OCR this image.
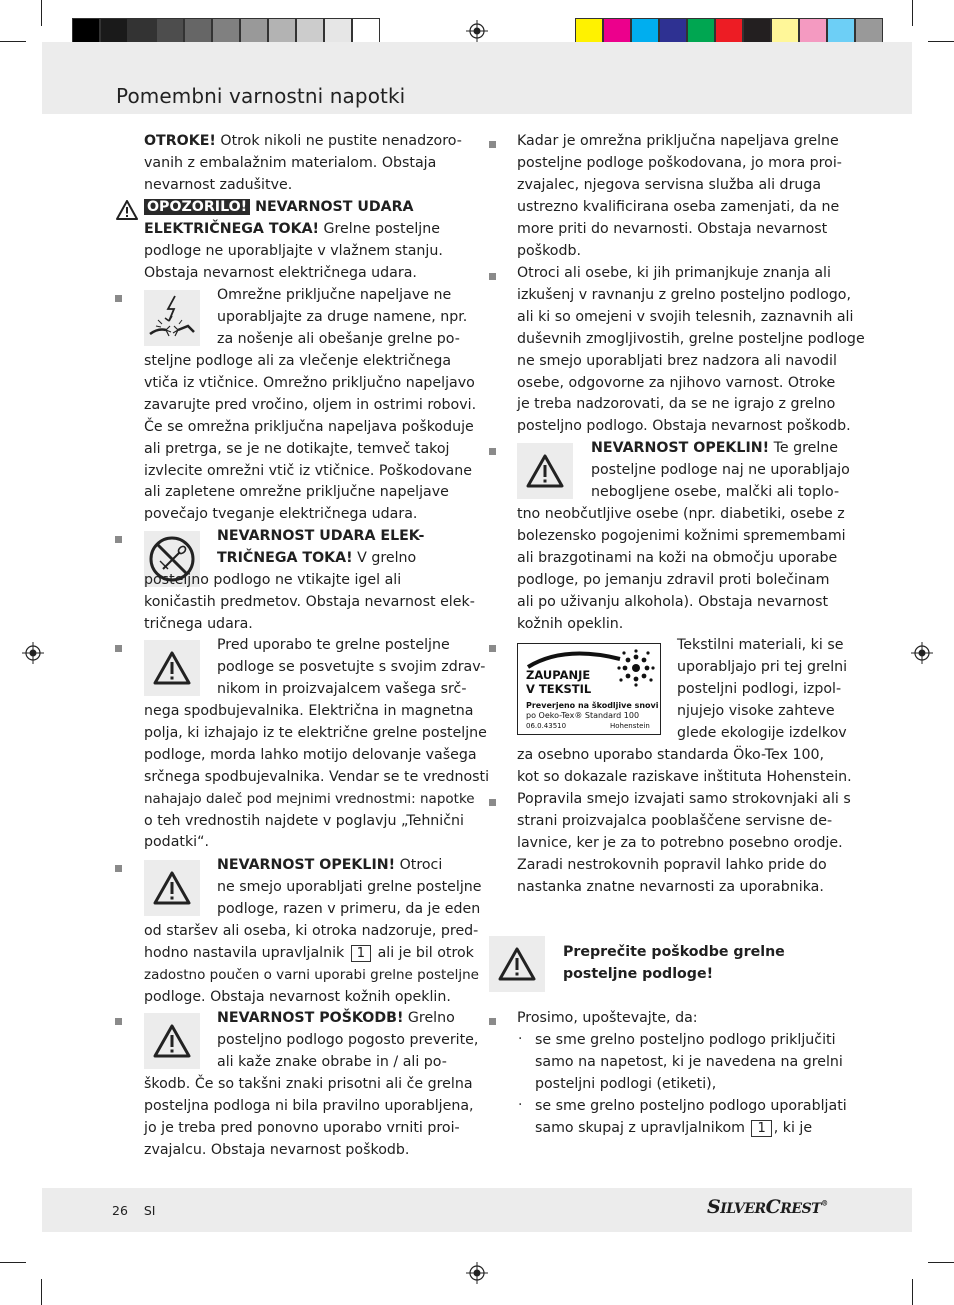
Pomembni varnostni napotki
OTROKE! Otrok nikoli ne pustite nenadzoro-
vanih z embalažnim materialom. Obstaja
nevarnost zadušitve.
OPOZORILO! NEVARNOST UDARA
ELEKTRIČNEGA TOKA! Grelne posteljne
podloge ne uporabljajte v vlažnem stanju.
Obstaja nevarnost električnega udara.
Omrežne priključne napeljave ne
uporabljajte za druge namene, npr.
za nošenje ali obešanje grelne po-
steljne podloge ali za vlečenje električnega
vtiča iz vtičnice. Omrežno priključno napeljavo
zavarujte pred vročino, oljem in ostrimi robovi.
Če se omrežna priključna napeljava poškoduje
ali pretrga, se je ne dotikajte, temveč takoj
izvlecite omrežni vtič iz vtičnice. Poškodovane
ali zapletene omrežne priključne napeljave
povečajo tveganje električnega udara.
NEVARNOST UDARA ELEK-
TRIČNEGA TOKA! V grelno
posteljno podlogo ne vtikajte igel ali
koničastih predmetov. Obstaja nevarnost elek-
tričnega udara.
Pred uporabo te grelne posteljne
podloge se posvetujte s svojim zdrav-
nikom in proizvajalcem vašega srč-
nega spodbujevalnika. Električna in magnetna
polja, ki izhajajo iz te električne grelne posteljne
podloge, morda lahko motijo delovanje vašega
srčnega spodbujevalnika. Vendar se te vrednosti
nahajajo daleč pod mejnimi vrednostmi: napotke
o teh vrednostih najdete v poglavju „Tehnični
podatki“.
NEVARNOST OPEKLIN! Otroci
ne smejo uporabljati grelne posteljne
podloge, razen v primeru, da je eden
od staršev ali oseba, ki otroka nadzoruje, pred-
hodno nastavila upravljalnik 1 ali je bil otrok
zadostno poučen o varni uporabi grelne posteljne
podloge. Obstaja nevarnost kožnih opeklin.
NEVARNOST POŠKODB! Grelno
posteljno podlogo pogosto preverite,
ali kaže znake obrabe in / ali po-
škodb. Če so takšni znaki prisotni ali če grelna
posteljna podloga ni bila pravilno uporabljena,
jo je treba pred ponovno uporabo vrniti proi-
zvajalcu. Obstaja nevarnost poškodb.
Kadar je omrežna priključna napeljava grelne
posteljne podloge poškodovana, jo mora proi-
zvajalec, njegova servisna služba ali druga
ustrezno kvalificirana oseba zamenjati, da ne
more priti do nevarnosti. Obstaja nevarnost
poškodb.
Otroci ali osebe, ki jih primanjkuje znanja ali
izkušenj v ravnanju z grelno posteljno podlogo,
ali ki so omejeni v svojih telesnih, zaznavnih ali
duševnih zmogljivostih, grelne posteljne podloge
ne smejo uporabljati brez nadzora ali navodil
osebe, odgovorne za njihovo varnost. Otroke
je treba nadzorovati, da se ne igrajo z grelno
posteljno podlogo. Obstaja nevarnost poškodb.
NEVARNOST OPEKLIN! Te grelne
posteljne podloge naj ne uporabljajo
nebogljene osebe, malčki ali toplo-
tno neobčutljive osebe (npr. diabetiki, osebe z
bolezensko pogojenimi kožnimi spremembami
ali brazgotinami na koži na območju uporabe
podloge, po jemanju zdravil proti bolečinam
ali po uživanju alkohola). Obstaja nevarnost
kožnih opeklin.
ZAUPANJE
V TEKSTIL
Preverjeno na škodljive snovi
po Oeko-Tex® Standard 100
06.0.43510	Hohenstein
Tekstilni materiali, ki se
uporabljajo pri tej grelni
posteljni podlogi, izpol-
njujejo visoke zahteve
glede ekologije izdelkov
za osebno uporabo standarda Öko-Tex 100,
kot so dokazale raziskave inštituta Hohenstein.
Popravila smejo izvajati samo strokovnjaki ali s
strani proizvajalca pooblaščene servisne de-
lavnice, ker je za to potrebno posebno orodje.
Zaradi nestrokovnih popravil lahko pride do
nastanka znatne nevarnosti za uporabnika.
Preprečite poškodbe grelne
posteljne podloge!
Prosimo, upoštevajte, da:
· se sme grelno posteljno podlogo priključiti
samo na napetost, ki je navedena na grelni
posteljni podlogi (etiketi),
· se sme grelno posteljno podlogo uporabljati
samo skupaj z upravljalnikom 1 , ki je
26 SI	SILVERCREST®
